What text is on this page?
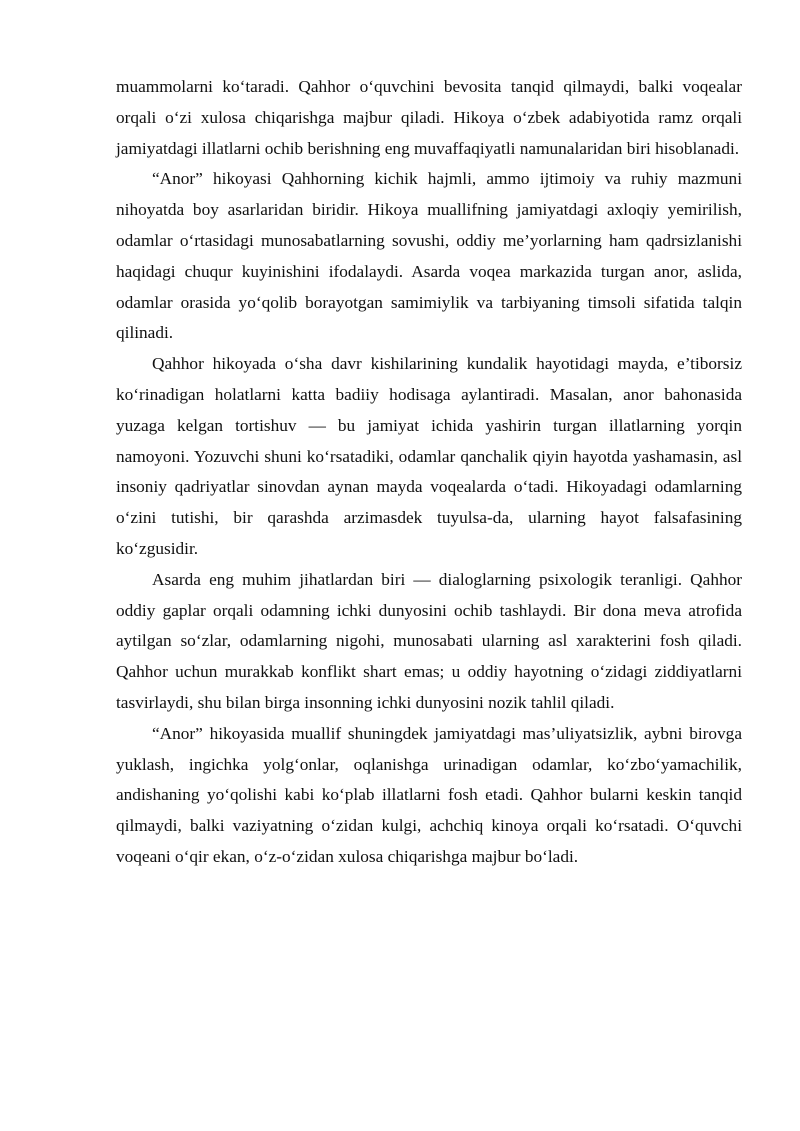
muammolarni ko‘taradi. Qahhor o‘quvchini bevosita tanqid qilmaydi, balki voqealar orqali o‘zi xulosa chiqarishga majbur qiladi. Hikoya o‘zbek adabiyotida ramz orqali jamiyatdagi illatlarni ochib berishning eng muvaffaqiyatli namunalaridan biri hisoblanadi.

“Anor” hikoyasi Qahhorning kichik hajmli, ammo ijtimoiy va ruhiy mazmuni nihoyatda boy asarlaridan biridir. Hikoya muallifning jamiyatdagi axloqiy yemirilish, odamlar o‘rtasidagi munosabatlarning sovushi, oddiy me’yorlarning ham qadrsizlanishi haqidagi chuqur kuyinishini ifodalaydi. Asarda voqea markazida turgan anor, aslida, odamlar orasida yo‘qolib borayotgan samimiylik va tarbiyaning timsoli sifatida talqin qilinadi.

Qahhor hikoyada o‘sha davr kishilarining kundalik hayotidagi mayda, e’tiborsiz ko‘rinadigan holatlarni katta badiiy hodisaga aylantiradi. Masalan, anor bahonasida yuzaga kelgan tortishuv — bu jamiyat ichida yashirin turgan illatlarning yorqin namoyoni. Yozuvchi shuni ko‘rsatadiki, odamlar qanchalik qiyin hayotda yashamasin, asl insoniy qadriyatlar sinovdan aynan mayda voqealarda o‘tadi. Hikoyadagi odamlarning o‘zini tutishi, bir qarashda arzimasdek tuyulsa-da, ularning hayot falsafasining ko‘zgusidir.

Asarda eng muhim jihatlardan biri — dialoglarning psixologik teranligi. Qahhor oddiy gaplar orqali odamning ichki dunyosini ochib tashlaydi. Bir dona meva atrofida aytilgan so‘zlar, odamlarning nigohi, munosabati ularning asl xarakterini fosh qiladi. Qahhor uchun murakkab konflikt shart emas; u oddiy hayotning o‘zidagi ziddiyatlarni tasvirlaydi, shu bilan birga insonning ichki dunyosini nozik tahlil qiladi.

“Anor” hikoyasida muallif shuningdek jamiyatdagi mas’uliyatsizlik, aybni birovga yuklash, ingichka yolg‘onlar, oqlanishga urinadigan odamlar, ko‘zbo‘yamachilik, andishaning yo‘qolishi kabi ko‘plab illatlarni fosh etadi. Qahhor bularni keskin tanqid qilmaydi, balki vaziyatning o‘zidan kulgi, achchiq kinoya orqali ko‘rsatadi. O‘quvchi voqeani o‘qir ekan, o‘z-o‘zidan xulosa chiqarishga majbur bo‘ladi.
